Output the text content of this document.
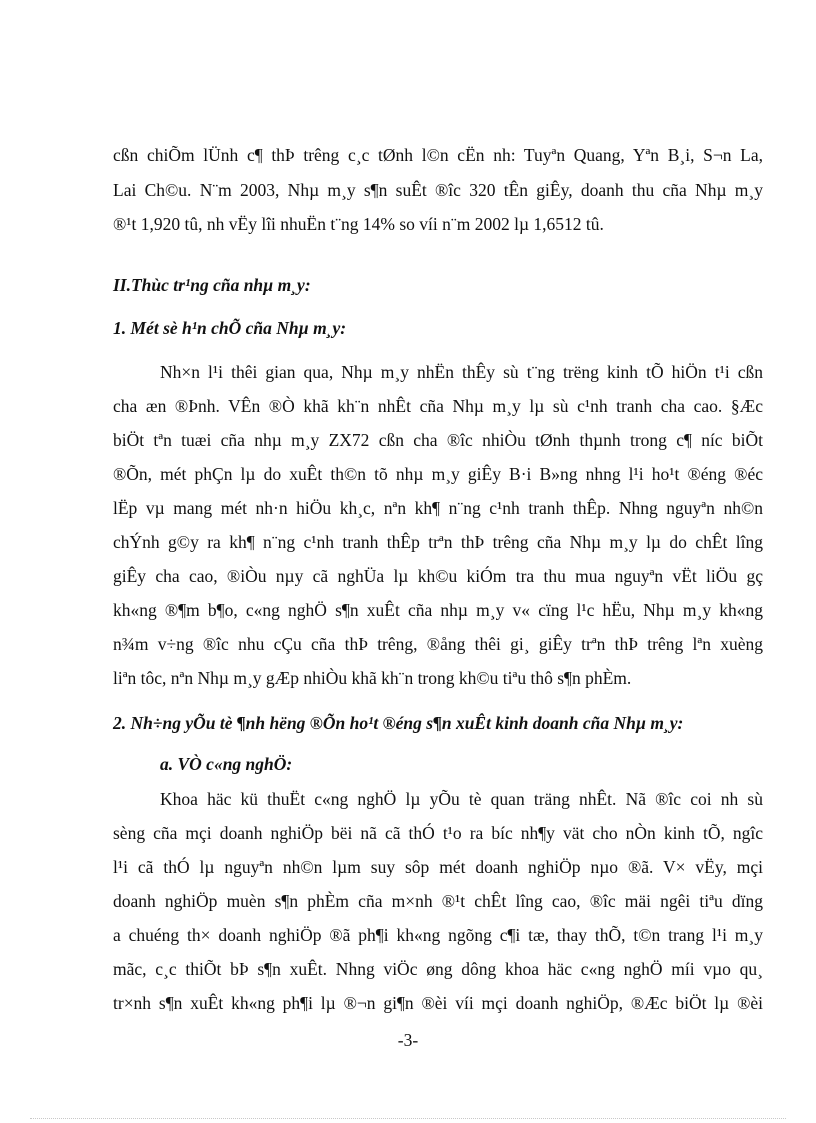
cßn chiÕm lÜnh c¶ thÞ trêng c¸c tØnh l©n cËn nh: Tuyªn Quang, Yªn B¸i, S¬n La,
Lai Ch©u. N¨m 2003, Nhµ m¸y s¶n suÊt ®îc 320 tÊn giÊy, doanh thu cña Nhµ m¸y
®¹t 1,920 tû, nh vËy lîi nhuËn t¨ng 14% so víi n¨m 2002 lµ 1,6512 tû.
II.Thùc tr¹ng cña nhµ m¸y:
1. Mét sè h¹n chÕ cña Nhµ m¸y:
Nh×n l¹i thêi gian qua, Nhµ m¸y nhËn thÊy sù t¨ng trëng kinh tÕ hiÖn t¹i cßn
cha æn ®Þnh. VÊn ®Ò khã kh¨n nhÊt cña Nhµ m¸y lµ sù c¹nh tranh cha cao. §Æc
biÖt tªn tuæi cña nhµ m¸y ZX72 cßn cha ®îc nhiÒu tØnh thµnh trong c¶ níc biÕt
®Õn, mét phÇn lµ do xuÊt th©n tõ nhµ m¸y giÊy B·i B»ng nhng l¹i ho¹t ®éng ®éc
lËp vµ mang mét nh·n hiÖu kh¸c, nªn kh¶ n¨ng c¹nh tranh thÊp. Nhng nguyªn nh©n
chÝnh g©y ra kh¶ n¨ng c¹nh tranh thÊp trªn thÞ trêng cña Nhµ m¸y lµ do chÊt lîng
giÊy cha cao, ®iÒu nµy cã nghÜa lµ kh©u kiÓm tra thu mua nguyªn vËt liÖu gç
kh«ng ®¶m b¶o, c«ng nghÖ s¶n xuÊt cña nhµ m¸y v« cïng l¹c hËu, Nhµ m¸y kh«ng
n¾m v÷ng ®îc nhu cÇu cña thÞ trêng, ®ång thêi gi¸ giÊy trªn thÞ trêng lªn xuèng
liªn tôc, nªn Nhµ m¸y gÆp nhiÒu khã kh¨n trong kh©u tiªu thô s¶n phÈm.
2. Nh÷ng yÕu tè ¶nh hëng ®Õn ho¹t ®éng s¶n xuÊt kinh doanh cña Nhµ m¸y:
a. VÒ c«ng nghÖ:
Khoa häc kü thuËt c«ng nghÖ lµ yÕu tè quan träng nhÊt. Nã ®îc coi nh sù
sèng cña mçi doanh nghiÖp bëi nã cã thÓ t¹o ra bíc nh¶y vät cho nÒn kinh tÕ, ngîc
l¹i cã thÓ lµ nguyªn nh©n lµm suy sôp mét doanh nghiÖp nµo ®ã. V× vËy, mçi
doanh nghiÖp muèn s¶n phÈm cña m×nh ®¹t chÊt lîng cao, ®îc mäi ngêi tiªu dïng
a chuéng th× doanh nghiÖp ®ã ph¶i kh«ng ngõng c¶i tæ, thay thÕ, t©n trang l¹i m¸y
mãc, c¸c thiÕt bÞ s¶n xuÊt. Nhng viÖc øng dông khoa häc c«ng nghÖ míi vµo qu¸
tr×nh s¶n xuÊt kh«ng ph¶i lµ ®¬n gi¶n ®èi víi mçi doanh nghiÖp, ®Æc biÖt lµ ®èi
-3-
